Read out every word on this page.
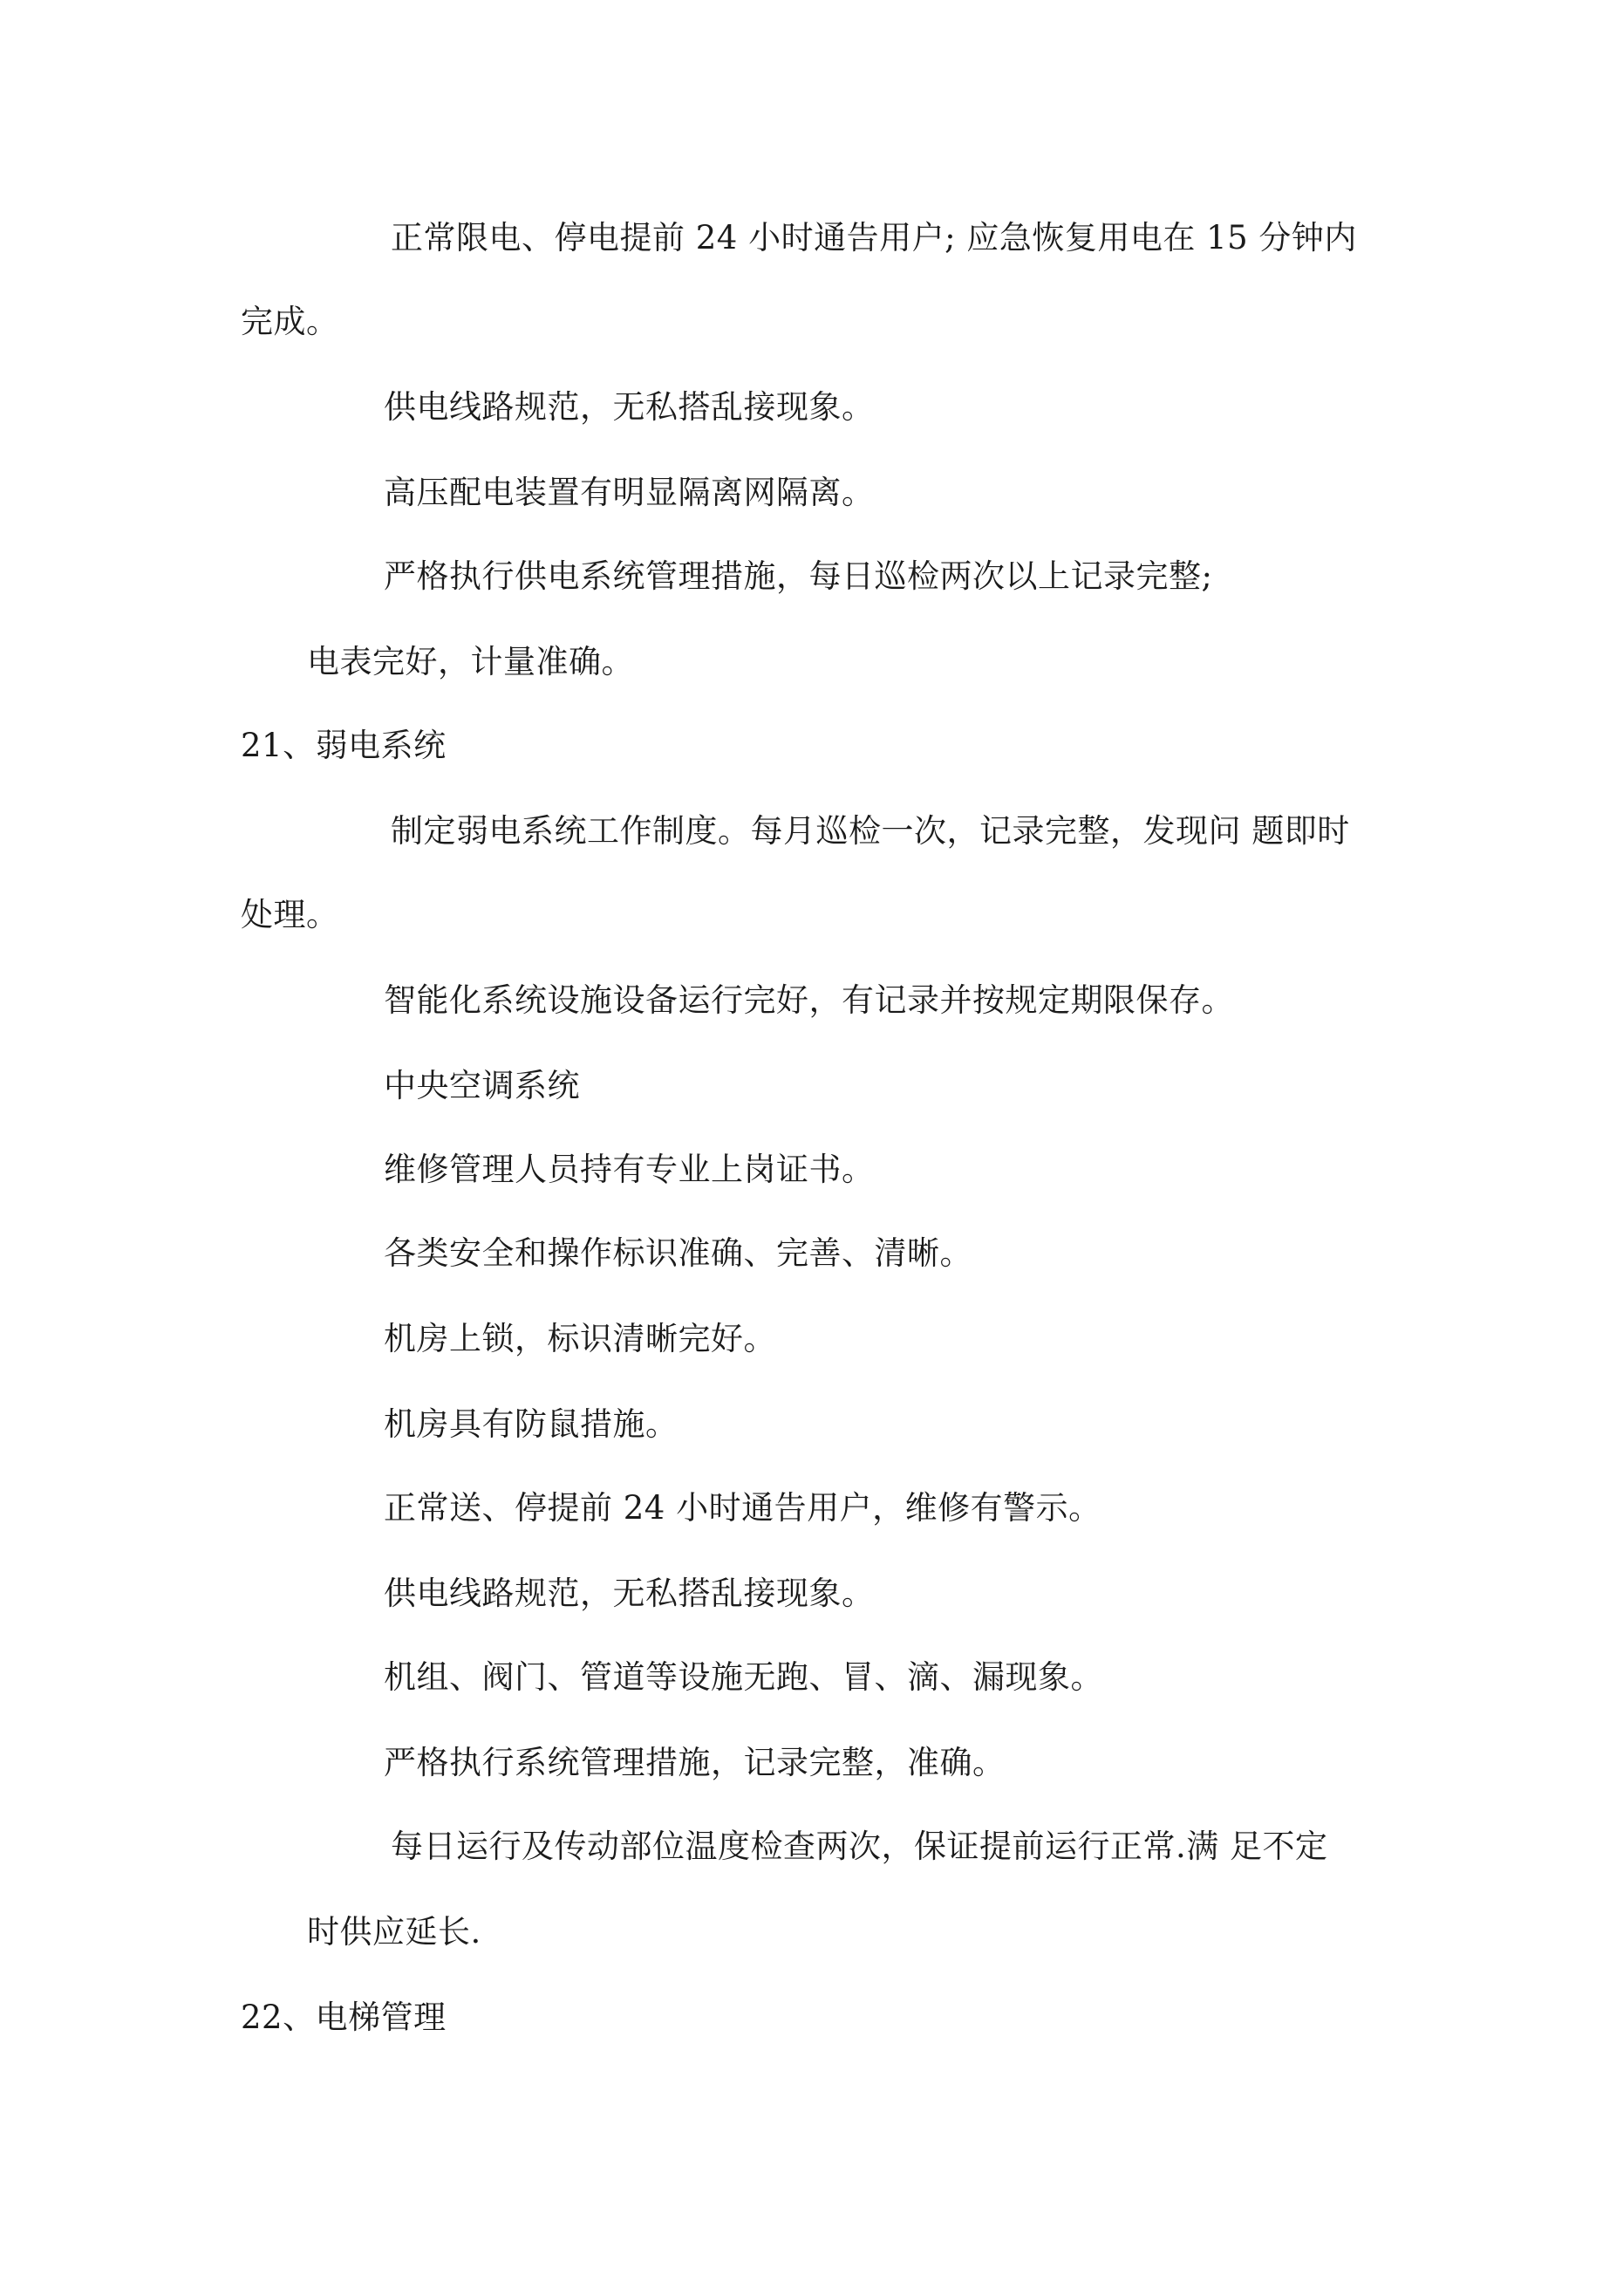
正常限电、停电提前 24 小时通告用户; 应急恢复用电在 15 分钟内
完成。
供电线路规范，无私搭乱接现象。
高压配电装置有明显隔离网隔离。
严格执行供电系统管理措施，每日巡检两次以上记录完整;
电表完好，计量准确。
21、弱电系统
制定弱电系统工作制度。每月巡检一次，记录完整，发现问 题即时
处理。
智能化系统设施设备运行完好，有记录并按规定期限保存。
中央空调系统
维修管理人员持有专业上岗证书。
各类安全和操作标识准确、完善、清晰。
机房上锁，标识清晰完好。
机房具有防鼠措施。
正常送、停提前 24 小时通告用户，维修有警示。
供电线路规范，无私搭乱接现象。
机组、阀门、管道等设施无跑、冒、滴、漏现象。
严格执行系统管理措施，记录完整，准确。
每日运行及传动部位温度检查两次，保证提前运行正常.满 足不定
时供应延长.
22、电梯管理
